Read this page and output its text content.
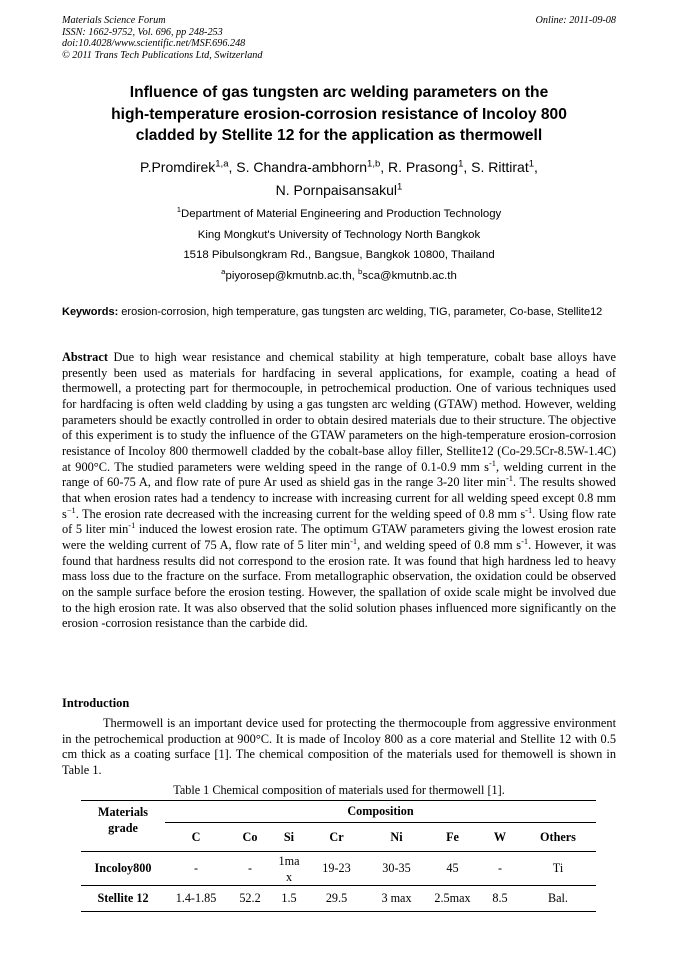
Materials Science Forum
ISSN: 1662-9752, Vol. 696, pp 248-253
doi:10.4028/www.scientific.net/MSF.696.248
© 2011 Trans Tech Publications Ltd, Switzerland
Online: 2011-09-08
Influence of gas tungsten arc welding parameters on the
high-temperature erosion-corrosion resistance of Incoloy 800
cladded by Stellite 12 for the application as thermowell
P.Promdirek$^{1,a}$, S. Chandra-ambhorn$^{1,b}$, R. Prasong$^1$, S. Rittirat$^1$,
N. Pornpaisansakul$^1$
$^1$Department of Material Engineering and Production Technology
King Mongkut's University of Technology North Bangkok
1518 Pibulsongkram Rd., Bangsue, Bangkok 10800, Thailand
$^a$piyorosep@kmutnb.ac.th, $^b$sca@kmutnb.ac.th
Keywords: erosion-corrosion, high temperature, gas tungsten arc welding, TIG, parameter, Co-base, Stellite12
Abstract Due to high wear resistance and chemical stability at high temperature, cobalt base alloys have presently been used as materials for hardfacing in several applications, for example, coating a head of thermowell, a protecting part for thermocouple, in petrochemical production. One of various techniques used for hardfacing is often weld cladding by using a gas tungsten arc welding (GTAW) method. However, welding parameters should be exactly controlled in order to obtain desired materials due to their structure. The objective of this experiment is to study the influence of the GTAW parameters on the high-temperature erosion-corrosion resistance of Incoloy 800 thermowell cladded by the cobalt-base alloy filler, Stellite12 (Co-29.5Cr-8.5W-1.4C) at 900°C. The studied parameters were welding speed in the range of 0.1-0.9 mm $s^{-1}$, welding current in the range of 60-75 A, and flow rate of pure Ar used as shield gas in the range 3-20 liter $\min^{-1}$. The results showed that when erosion rates had a tendency to increase with increasing current for all welding speed except 0.8 mm $s^{-1}$. The erosion rate decreased with the increasing current for the welding speed of 0.8 mm $s^{-1}$. Using flow rate of 5 liter $\min^{-1}$ induced the lowest erosion rate. The optimum GTAW parameters giving the lowest erosion rate were the welding current of 75 A, flow rate of 5 liter $\min^{-1}$, and welding speed of 0.8 mm $s^{-1}$. However, it was found that hardness results did not correspond to the erosion rate. It was found that high hardness led to heavy mass loss due to the fracture on the surface. From metallographic observation, the oxidation could be observed on the sample surface before the erosion testing. However, the spallation of oxide scale might be involved due to the high erosion rate. It was also observed that the solid solution phases influenced more significantly on the erosion -corrosion resistance than the carbide did.
Introduction
Thermowell is an important device used for protecting the thermocouple from aggressive environment in the petrochemical production at 900°C. It is made of Incoloy 800 as a core material and Stellite 12 with 0.5 cm thick as a coating surface [1]. The chemical composition of the materials used for themowell is shown in Table 1.
Table 1 Chemical composition of materials used for thermowell [1].
Materials
grade	Composition							
	C	Co	Si	Cr	Ni	Fe	W	Others
Incoloy800	-	-	1ma x	19-23	30-35	45	-	Ti
Stellite 12	1.4-1.85	52.2	1.5	29.5	3 max	2.5max	8.5	Bal.
